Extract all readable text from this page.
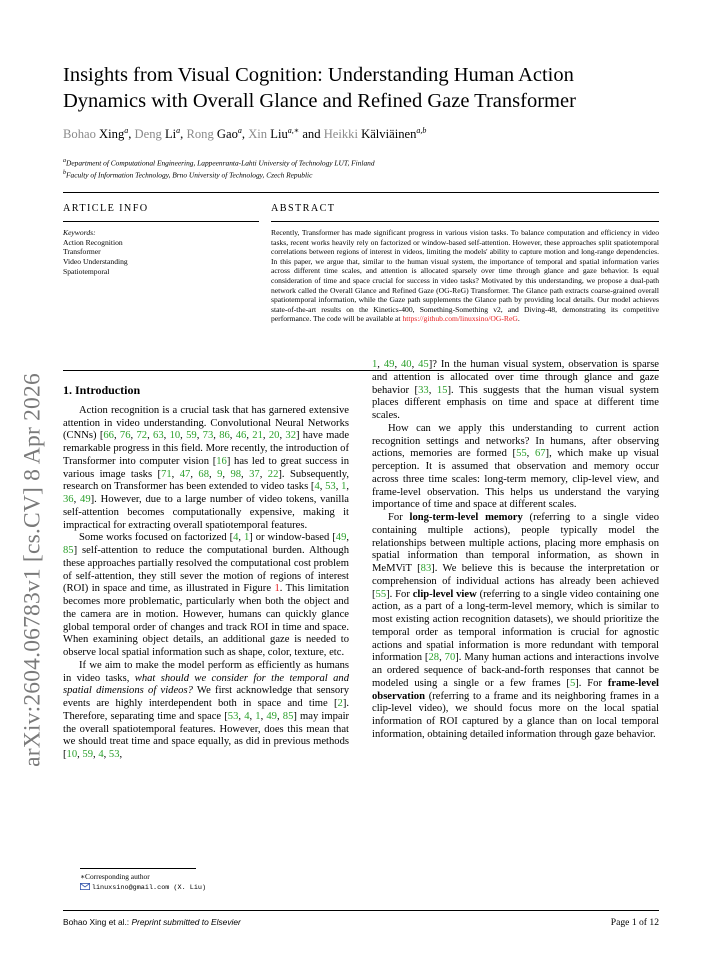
arXiv:2604.06783v1 [cs.CV] 8 Apr 2026
Insights from Visual Cognition: Understanding Human Action
Dynamics with Overall Glance and Refined Gaze Transformer
Bohao Xing$^a$, Deng Li$^a$, Rong Gao$^a$, Xin Liu$^{a,∗}$ and Heikki Kälviäinen$^{a,b}$
$^a$Department of Computational Engineering, Lappeenranta-Lahti University of Technology LUT, Finland
$^b$Faculty of Information Technology, Brno University of Technology, Czech Republic
ARTICLE INFO	ABSTRACT
Keywords:
Action Recognition
Transformer
Video Understanding
Spatiotemporal
Recently, Transformer has made significant progress in various vision tasks. To balance computation and efficiency in video tasks, recent works heavily rely on factorized or window-based self-attention. However, these approaches split spatiotemporal correlations between regions of interest in videos, limiting the models' ability to capture motion and long-range dependencies. In this paper, we argue that, similar to the human visual system, the importance of temporal and spatial information varies across different time scales, and attention is allocated sparsely over time through glance and gaze behavior. Is equal consideration of time and space crucial for success in video tasks? Motivated by this understanding, we propose a dual-path network called the Overall Glance and Refined Gaze (OG-ReG) Transformer. The Glance path extracts coarse-grained overall spatiotemporal information, while the Gaze path supplements the Glance path by providing local details. Our model achieves state-of-the-art results on the Kinetics-400, Something-Something v2, and Diving-48, demonstrating its competitive performance. The code will be available at https://github.com/linuxsino/OG-ReG.
1. Introduction

Action recognition is a crucial task that has garnered extensive attention in video understanding. Convolutional Neural Networks (CNNs) [66, 76, 72, 63, 10, 59, 73, 86, 46, 21, 20, 32] have made remarkable progress in this field. More recently, the introduction of Transformer into computer vision [16] has led to great success in various image tasks [71, 47, 68, 9, 98, 37, 22]. Subsequently, research on Transformer has been extended to video tasks [4, 53, 1, 36, 49]. However, due to a large number of video tokens, vanilla self-attention becomes computationally expensive, making it impractical for extracting overall spatiotemporal features.

Some works focused on factorized [4, 1] or window-based [49, 85] self-attention to reduce the computational burden. Although these approaches partially resolved the computational cost problem of self-attention, they still sever the motion of regions of interest (ROI) in space and time, as illustrated in Figure 1. This limitation becomes more problematic, particularly when both the object and the camera are in motion. However, humans can quickly glance global temporal order of changes and track ROI in time and space. When examining object details, an additional gaze is needed to observe local spatial information such as shape, color, texture, etc.

If we aim to make the model perform as efficiently as humans in video tasks, what should we consider for the temporal and spatial dimensions of videos? We first acknowledge that sensory events are highly interdependent both in space and time [2]. Therefore, separating time and space [53, 4, 1, 49, 85] may impair the overall spatiotemporal features. However, does this mean that we should treat time and space equally, as did in previous methods [10, 59, 4, 53,

1, 49, 40, 45]? In the human visual system, observation is sparse and attention is allocated over time through glance and gaze behavior [33, 15]. This suggests that the human visual system places different emphasis on time and space at different time scales.

How can we apply this understanding to current action recognition settings and networks? In humans, after observing actions, memories are formed [55, 67], which make up visual perception. It is assumed that observation and memory occur across three time scales: long-term memory, clip-level view, and frame-level observation. This helps us understand the varying importance of time and space at different scales.

For long-term-level memory (referring to a single video containing multiple actions), people typically model the relationships between multiple actions, placing more emphasis on spatial information than temporal information, as shown in MeMViT [83]. We believe this is because the interpretation or comprehension of individual actions has already been achieved [55]. For clip-level view (referring to a single video containing one action, as a part of a long-term-level memory, which is similar to most existing action recognition datasets), we should prioritize the temporal order as temporal information is crucial for agnostic actions and spatial information is more redundant with temporal information [28, 70]. Many human actions and interactions involve an ordered sequence of back-and-forth responses that cannot be modeled using a single or a few frames [5]. For frame-level observation (referring to a frame and its neighboring frames in a clip-level video), we should focus more on the local spatial information of ROI captured by a glance than on local temporal information, obtaining detailed information through gaze behavior.

∗Corresponding author
linuxsino@gmail.com (X. Liu)
Bohao Xing et al.: Preprint submitted to Elsevier	Page 1 of 12
